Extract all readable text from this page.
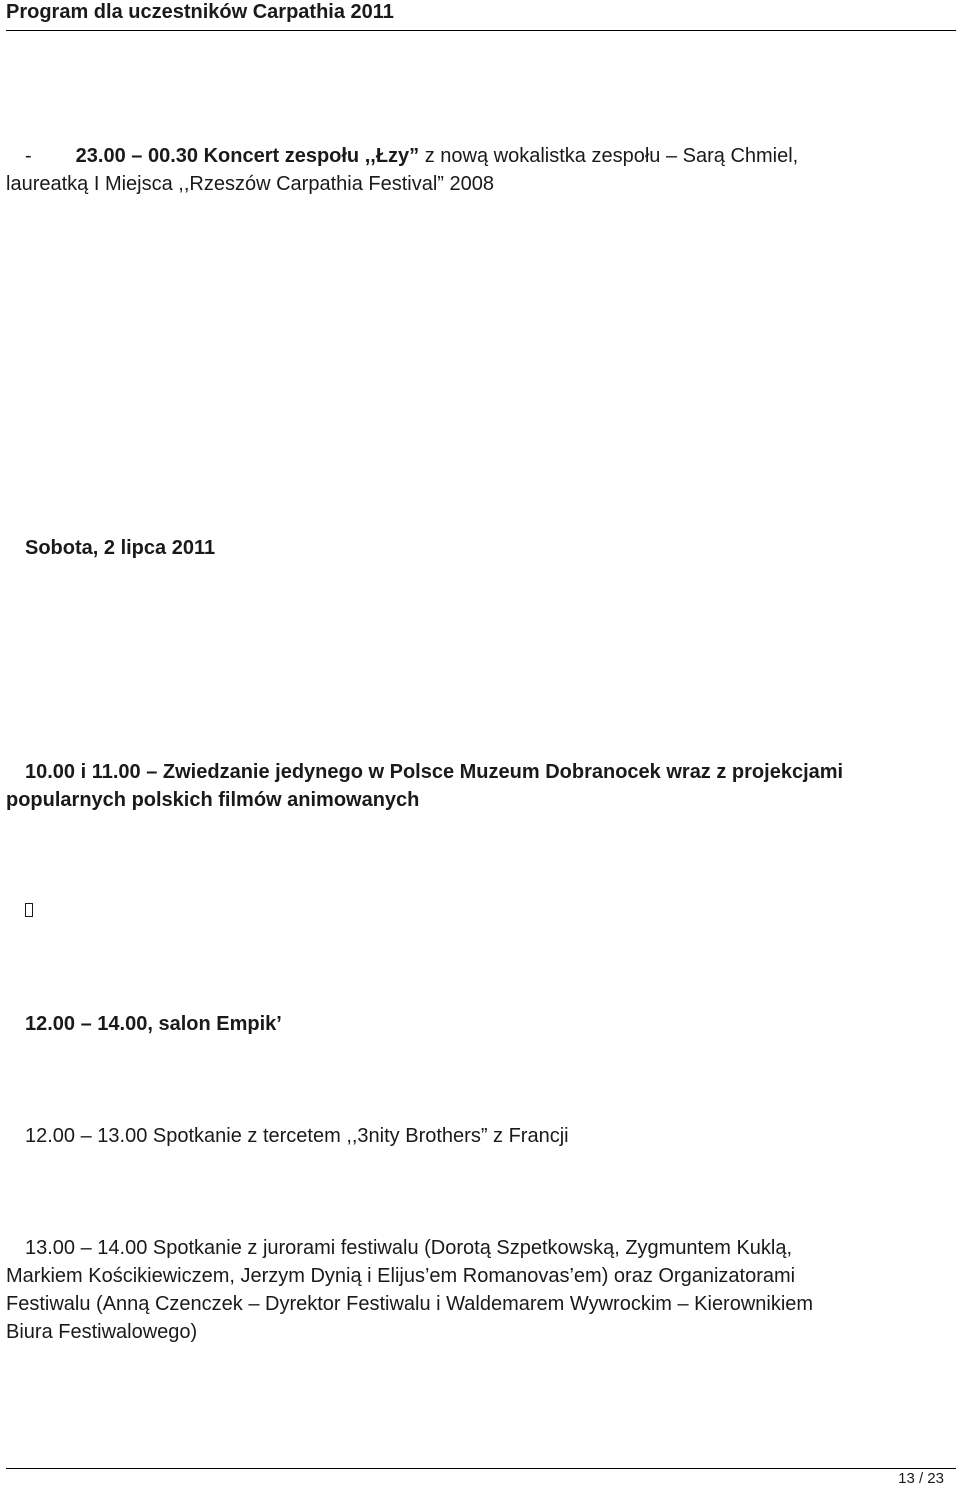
Program dla uczestników Carpathia 2011
- 23.00 – 00.30 Koncert zespołu ,,Łzy” z nową wokalistka zespołu – Sarą Chmiel,
laureatką I Miejsca ,,Rzeszów Carpathia Festival” 2008
Sobota, 2 lipca 2011
10.00 i 11.00 – Zwiedzanie jedynego w Polsce Muzeum Dobranocek wraz z projekcjami
popularnych polskich filmów animowanych
12.00 – 14.00, salon Empik’
12.00 – 13.00 Spotkanie z tercetem ,,3nity Brothers” z Francji
13.00 – 14.00 Spotkanie z jurorami festiwalu (Dorotą Szpetkowską, Zygmuntem Kuklą,
Markiem Kościkiewiczem, Jerzym Dynią i Elijus’em Romanovas’em) oraz Organizatorami
Festiwalu (Anną Czenczek – Dyrektor Festiwalu i Waldemarem Wywrockim – Kierownikiem
Biura Festiwalowego)
13 / 23
